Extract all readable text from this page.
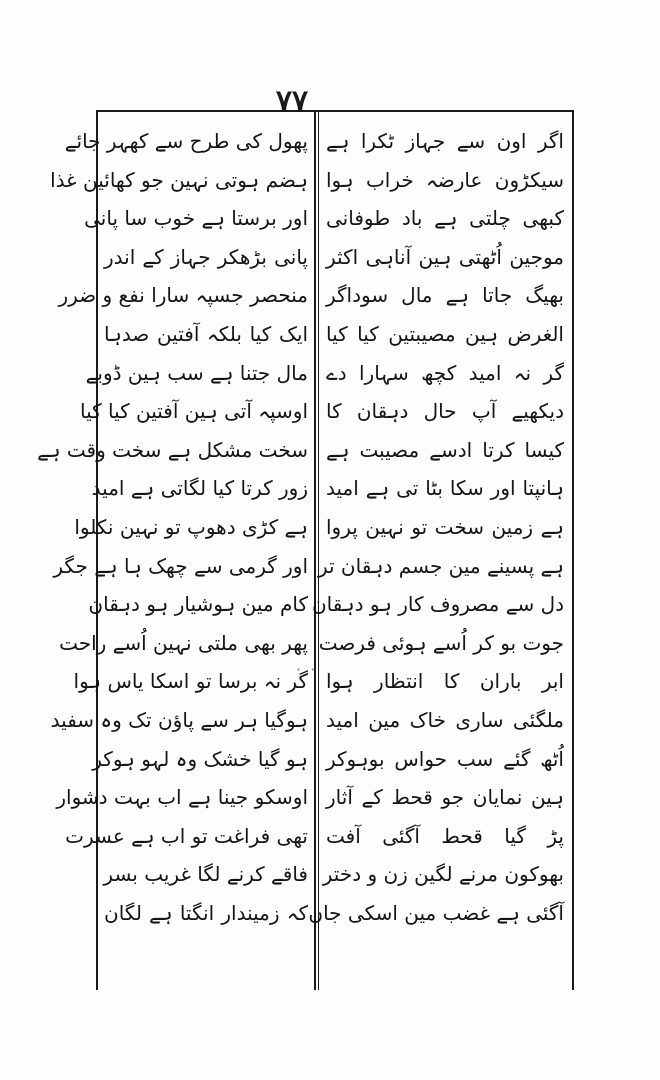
۷۷
· ·
اگر اون سے جہاز ٹکرا ہے
سیکڑون عارضہ خراب ہوا
کبھی چلتی ہے باد طوفانی
موجین اُٹھتی ہین آناہی اکثر
بھیگ جاتا ہے مال سوداگر
الغرض ہین مصیبتین کیا کیا
گر نہ امید کچھ سہارا دے
دیکھیے آپ حال دہقان کا
کیسا کرتا ادسے مصیبت ہے
ہانپتا اور سکا بٹا تی ہے امید
ہے زمین سخت تو نہین پروا
ہے پسینے مین جسم دہقان تر
دل سے مصروف کار ہو دہقان
جوت بو کر اُسے ہوئی فرصت
ابر باران کا انتظار ہوا
ملگئی ساری خاک مین امید
اُٹھ گئے سب حواس بوہوکر
ہین نمایان جو قحط کے آثار
پڑ گیا قحط آگئی آفت
بھوکون مرنے لگین زن و دختر
آگئی ہے غضب مین اسکی جان
پھول کی طرح سے کھہر جائے
ہضم ہوتی نہین جو کھائین غذا
اور برستا ہے خوب سا پانی
پانی بڑھکر جہاز کے اندر
منحصر جسپہ سارا نفع و ضرر
ایک کیا بلکہ آفتین صدہا
مال جتنا ہے سب ہین ڈوبے
اوسپہ آتی ہین آفتین کیا کیا
سخت مشکل ہے سخت وقت ہے
زور کرتا کیا لگاتی ہے امید
ہے کڑی دھوپ تو نہین نکلوا
اور گرمی سے چھک ہا ہے جگر
کام مین ہوشیار ہو دہقان
پھر بھی ملتی نہین اُسے راحت
گر نہ برسا تو اسکا یاس ہوا
ہوگیا ہر سے پاؤن تک وہ سفید
ہو گیا خشک وہ لہو ہوکر
اوسکو جینا ہے اب بہت دشوار
تھی فراغت تو اب ہے عسرت
فاقے کرنے لگا غریب بسر
کہ زمیندار انگتا ہے لگان
